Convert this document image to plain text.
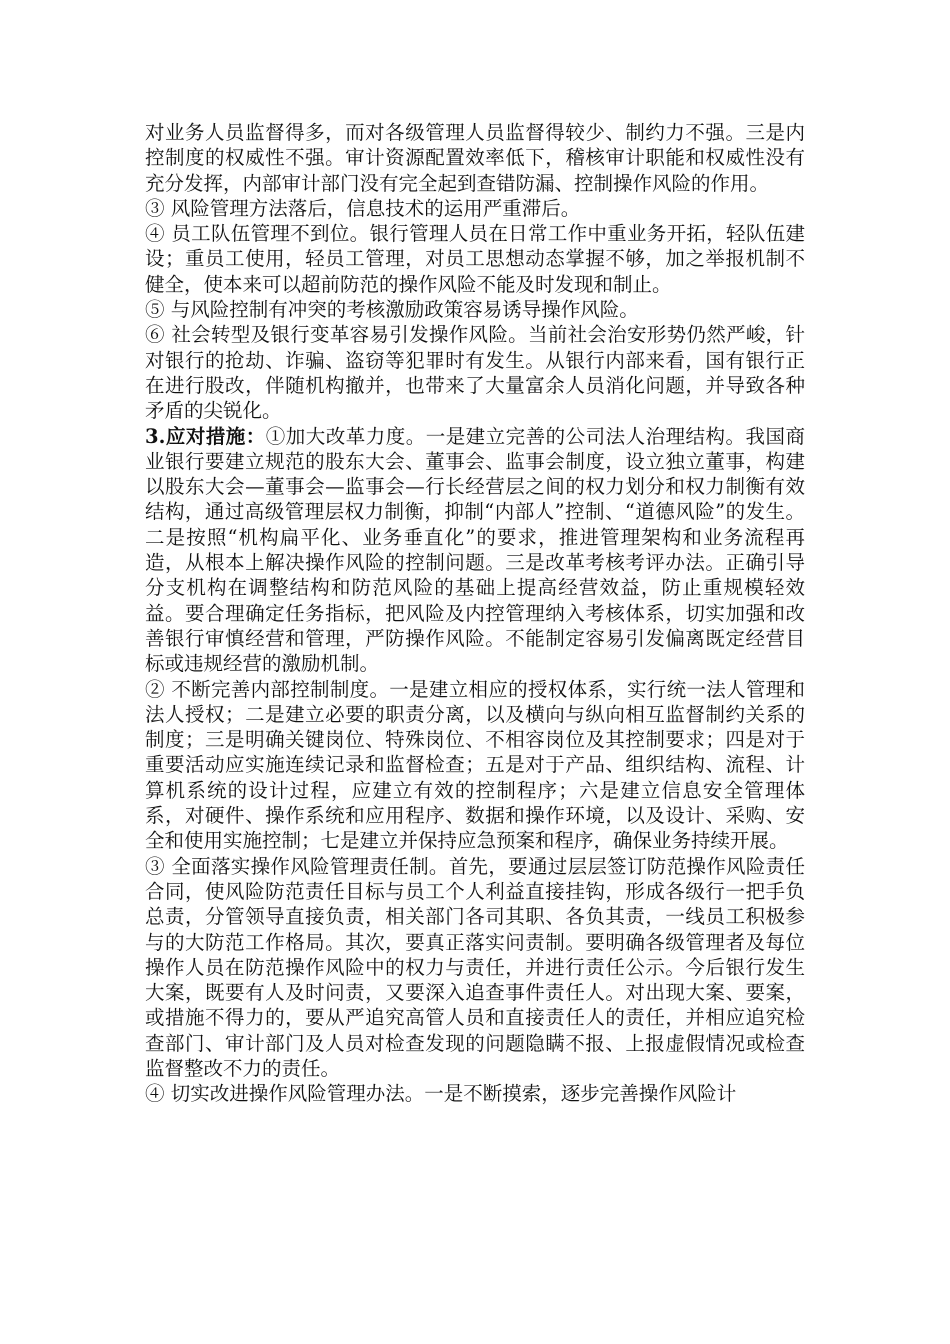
对业务人员监督得多，而对各级管理人员监督得较少、制约力不强。三是内控制度的权威性不强。审计资源配置效率低下，稽核审计职能和权威性没有充分发挥，内部审计部门没有完全起到查错防漏、控制操作风险的作用。

③ 风险管理方法落后，信息技术的运用严重滞后。

④ 员工队伍管理不到位。银行管理人员在日常工作中重业务开拓，轻队伍建设；重员工使用，轻员工管理，对员工思想动态掌握不够，加之举报机制不健全，使本来可以超前防范的操作风险不能及时发现和制止。

⑤ 与风险控制有冲突的考核激励政策容易诱导操作风险。

⑥ 社会转型及银行变革容易引发操作风险。当前社会治安形势仍然严峻，针对银行的抢劫、诈骗、盗窃等犯罪时有发生。从银行内部来看，国有银行正在进行股改，伴随机构撤并，也带来了大量富余人员消化问题，并导致各种矛盾的尖锐化。

3.应对措施：①加大改革力度。一是建立完善的公司法人治理结构。我国商业银行要建立规范的股东大会、董事会、监事会制度，设立独立董事，构建以股东大会—董事会—监事会—行长经营层之间的权力划分和权力制衡有效结构，通过高级管理层权力制衡，抑制“内部人”控制、“道德风险”的发生。二是按照“机构扁平化、业务垂直化”的要求，推进管理架构和业务流程再造，从根本上解决操作风险的控制问题。三是改革考核考评办法。正确引导分支机构在调整结构和防范风险的基础上提高经营效益，防止重规模轻效益。要合理确定任务指标，把风险及内控管理纳入考核体系，切实加强和改善银行审慎经营和管理，严防操作风险。不能制定容易引发偏离既定经营目标或违规经营的激励机制。

② 不断完善内部控制制度。一是建立相应的授权体系，实行统一法人管理和法人授权；二是建立必要的职责分离，以及横向与纵向相互监督制约关系的制度；三是明确关键岗位、特殊岗位、不相容岗位及其控制要求；四是对于重要活动应实施连续记录和监督检查；五是对于产品、组织结构、流程、计算机系统的设计过程，应建立有效的控制程序；六是建立信息安全管理体系，对硬件、操作系统和应用程序、数据和操作环境，以及设计、采购、安全和使用实施控制；七是建立并保持应急预案和程序，确保业务持续开展。

③ 全面落实操作风险管理责任制。首先，要通过层层签订防范操作风险责任合同，使风险防范责任目标与员工个人利益直接挂钩，形成各级行一把手负总责，分管领导直接负责，相关部门各司其职、各负其责，一线员工积极参与的大防范工作格局。其次，要真正落实问责制。要明确各级管理者及每位操作人员在防范操作风险中的权力与责任，并进行责任公示。今后银行发生大案，既要有人及时问责，又要深入追查事件责任人。对出现大案、要案，或措施不得力的，要从严追究高管人员和直接责任人的责任，并相应追究检查部门、审计部门及人员对检查发现的问题隐瞒不报、上报虚假情况或检查监督整改不力的责任。

④ 切实改进操作风险管理办法。一是不断摸索，逐步完善操作风险计
